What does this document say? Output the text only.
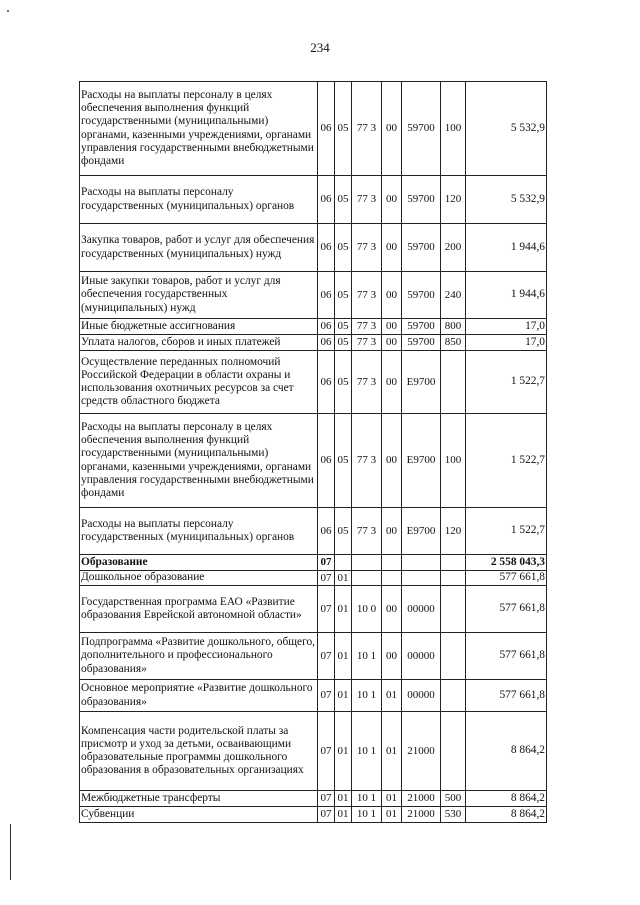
234
Расходы на выплаты персоналу в целях обеспечения выполнения функций государственными (муниципальными) органами, казенными учреждениями, органами управления государственными внебюджетными фондами	06	05	77 3	00	59700	100	5 532,9
Расходы на выплаты персоналу государственных (муниципальных) органов	06	05	77 3	00	59700	120	5 532,9
Закупка товаров, работ и услуг для обеспечения государственных (муниципальных) нужд	06	05	77 3	00	59700	200	1 944,6
Иные закупки товаров, работ и услуг для обеспечения государственных (муниципальных) нужд	06	05	77 3	00	59700	240	1 944,6
Иные бюджетные ассигнования	06	05	77 3	00	59700	800	17,0
Уплата налогов, сборов и иных платежей	06	05	77 3	00	59700	850	17,0
Осуществление переданных полномочий Российской Федерации в области охраны и использования охотничьих ресурсов за счет средств областного бюджета	06	05	77 3	00	E9700		1 522,7
Расходы на выплаты персоналу в целях обеспечения выполнения функций государственными (муниципальными) органами, казенными учреждениями, органами управления государственными внебюджетными фондами	06	05	77 3	00	E9700	100	1 522,7
Расходы на выплаты персоналу государственных (муниципальных) органов	06	05	77 3	00	E9700	120	1 522,7
Образование	07						2 558 043,3
Дошкольное образование	07	01					577 661,8
Государственная программа ЕАО «Развитие образования Еврейской автономной области»	07	01	10 0	00	00000		577 661,8
Подпрограмма «Развитие дошкольного, общего, дополнительного и профессионального образования»	07	01	10 1	00	00000		577 661,8
Основное мероприятие «Развитие дошкольного образования»	07	01	10 1	01	00000		577 661,8
Компенсация части родительской платы за присмотр и уход за детьми, осваивающими образовательные программы дошкольного образования в образовательных организациях	07	01	10 1	01	21000		8 864,2
Межбюджетные трансферты	07	01	10 1	01	21000	500	8 864,2
Субвенции	07	01	10 1	01	21000	530	8 864,2
